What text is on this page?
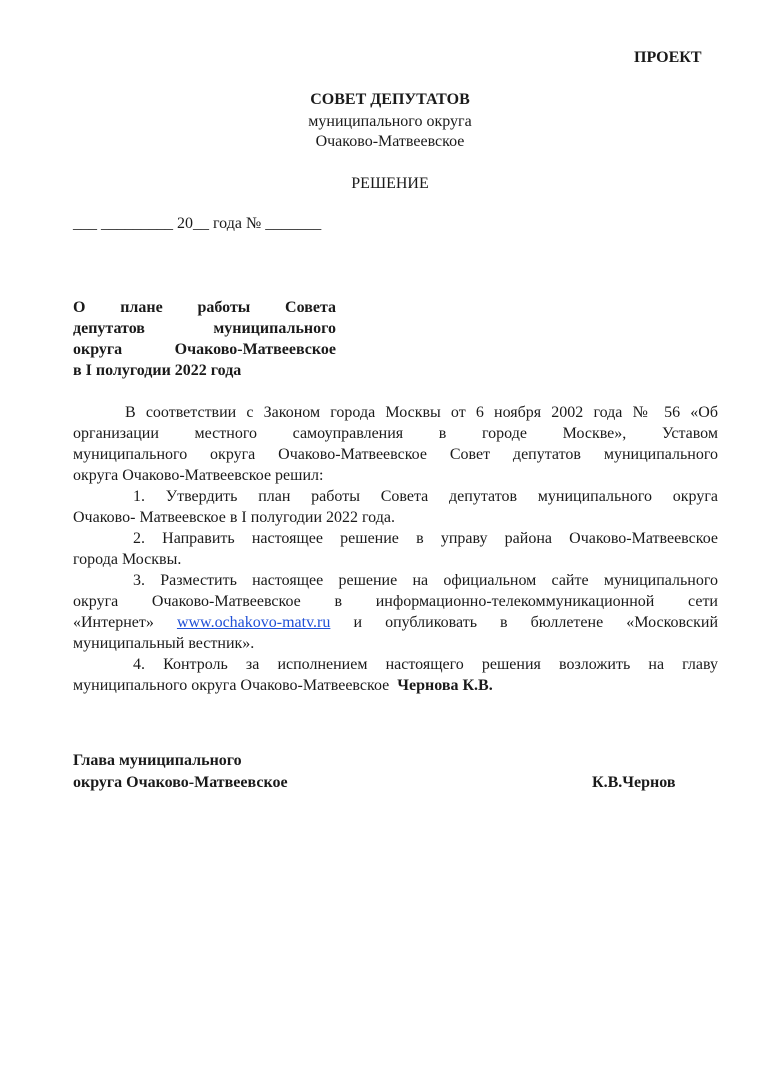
ПРОЕКТ
СОВЕТ ДЕПУТАТОВ
муниципального округа
Очаково-Матвеевское
РЕШЕНИЕ
___ _________ 20__ года № _______
О плане работы Совета
депутатов муниципального
округа Очаково-Матвеевское
в I полугодии 2022 года
В соответствии с Законом города Москвы от 6 ноября 2002 года № 56 «Об
организации местного самоуправления в городе Москве», Уставом
муниципального округа Очаково-Матвеевское Совет депутатов муниципального
округа Очаково-Матвеевское решил:
1. Утвердить план работы Совета депутатов муниципального округа
Очаково- Матвеевское в I полугодии 2022 года.
2. Направить настоящее решение в управу района Очаково-Матвеевское
города Москвы.
3. Разместить настоящее решение на официальном сайте муниципального
округа Очаково-Матвеевское в информационно-телекоммуникационной сети
«Интернет» www.ochakovo-matv.ru и опубликовать в бюллетене «Московский
муниципальный вестник».
4. Контроль за исполнением настоящего решения возложить на главу
муниципального округа Очаково-Матвеевское Чернова К.В.
Глава муниципального
округа Очаково-Матвеевское	К.В.Чернов
